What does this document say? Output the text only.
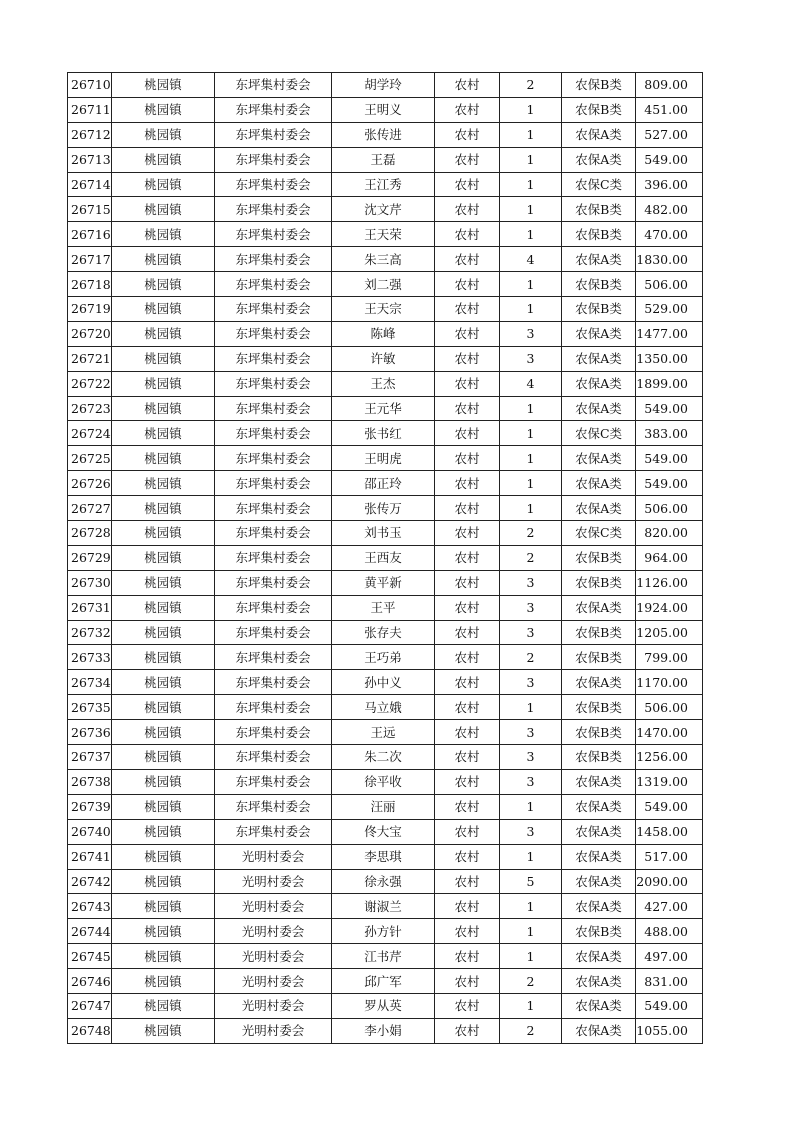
26710	桃园镇	东坪集村委会	胡学玲	农村	2	农保B类	809.00
26711	桃园镇	东坪集村委会	王明义	农村	1	农保B类	451.00
26712	桃园镇	东坪集村委会	张传进	农村	1	农保A类	527.00
26713	桃园镇	东坪集村委会	王磊	农村	1	农保A类	549.00
26714	桃园镇	东坪集村委会	王江秀	农村	1	农保C类	396.00
26715	桃园镇	东坪集村委会	沈文芹	农村	1	农保B类	482.00
26716	桃园镇	东坪集村委会	王天荣	农村	1	农保B类	470.00
26717	桃园镇	东坪集村委会	朱三高	农村	4	农保A类	1830.00
26718	桃园镇	东坪集村委会	刘二强	农村	1	农保B类	506.00
26719	桃园镇	东坪集村委会	王天宗	农村	1	农保B类	529.00
26720	桃园镇	东坪集村委会	陈峰	农村	3	农保A类	1477.00
26721	桃园镇	东坪集村委会	许敏	农村	3	农保A类	1350.00
26722	桃园镇	东坪集村委会	王杰	农村	4	农保A类	1899.00
26723	桃园镇	东坪集村委会	王元华	农村	1	农保A类	549.00
26724	桃园镇	东坪集村委会	张书红	农村	1	农保C类	383.00
26725	桃园镇	东坪集村委会	王明虎	农村	1	农保A类	549.00
26726	桃园镇	东坪集村委会	邵正玲	农村	1	农保A类	549.00
26727	桃园镇	东坪集村委会	张传万	农村	1	农保A类	506.00
26728	桃园镇	东坪集村委会	刘书玉	农村	2	农保C类	820.00
26729	桃园镇	东坪集村委会	王西友	农村	2	农保B类	964.00
26730	桃园镇	东坪集村委会	黄平新	农村	3	农保B类	1126.00
26731	桃园镇	东坪集村委会	王平	农村	3	农保A类	1924.00
26732	桃园镇	东坪集村委会	张存夫	农村	3	农保B类	1205.00
26733	桃园镇	东坪集村委会	王巧弟	农村	2	农保B类	799.00
26734	桃园镇	东坪集村委会	孙中义	农村	3	农保A类	1170.00
26735	桃园镇	东坪集村委会	马立娥	农村	1	农保B类	506.00
26736	桃园镇	东坪集村委会	王远	农村	3	农保B类	1470.00
26737	桃园镇	东坪集村委会	朱二次	农村	3	农保B类	1256.00
26738	桃园镇	东坪集村委会	徐平收	农村	3	农保A类	1319.00
26739	桃园镇	东坪集村委会	汪丽	农村	1	农保A类	549.00
26740	桃园镇	东坪集村委会	佟大宝	农村	3	农保A类	1458.00
26741	桃园镇	光明村委会	李思琪	农村	1	农保A类	517.00
26742	桃园镇	光明村委会	徐永强	农村	5	农保A类	2090.00
26743	桃园镇	光明村委会	谢淑兰	农村	1	农保A类	427.00
26744	桃园镇	光明村委会	孙方针	农村	1	农保B类	488.00
26745	桃园镇	光明村委会	江书芹	农村	1	农保A类	497.00
26746	桃园镇	光明村委会	邱广军	农村	2	农保A类	831.00
26747	桃园镇	光明村委会	罗从英	农村	1	农保A类	549.00
26748	桃园镇	光明村委会	李小娟	农村	2	农保A类	1055.00
